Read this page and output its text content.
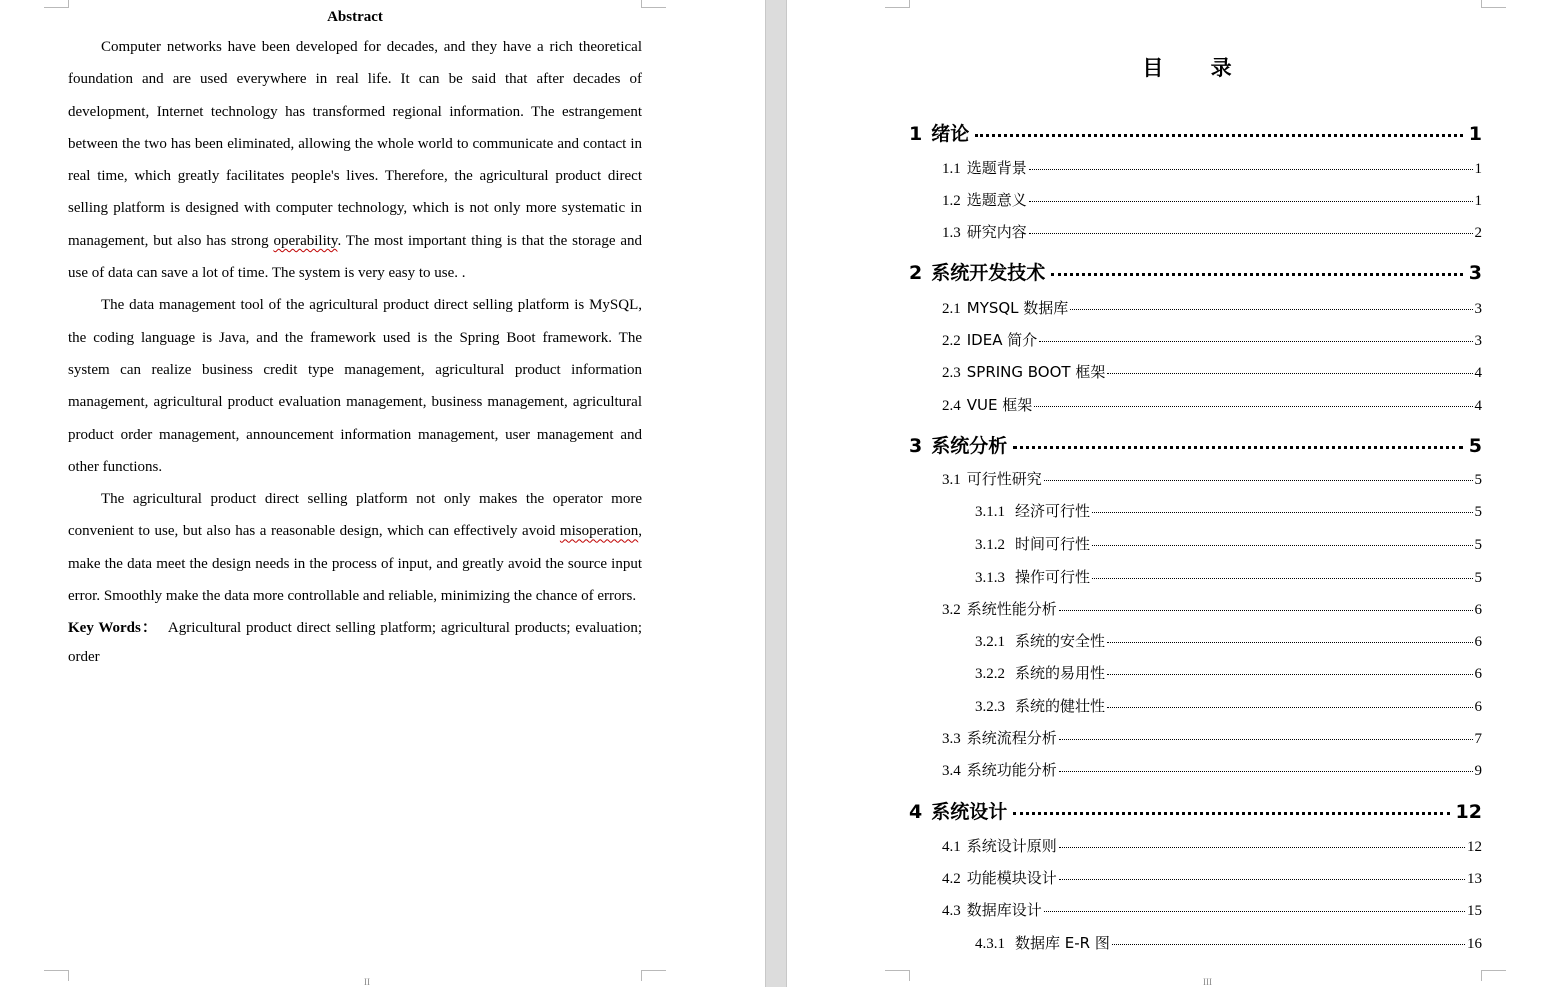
Abstract

Computer networks have been developed for decades, and they have a rich theoretical foundation and are used everywhere in real life. It can be said that after decades of development, Internet technology has transformed regional information. The estrangement between the two has been eliminated, allowing the whole world to communicate and contact in real time, which greatly facilitates people's lives. Therefore, the agricultural product direct selling platform is designed with computer technology, which is not only more systematic in management, but also has strong operability. The most important thing is that the storage and use of data can save a lot of time. The system is very easy to use. .

The data management tool of the agricultural product direct selling platform is MySQL, the coding language is Java, and the framework used is the Spring Boot framework. The system can realize business credit type management, agricultural product information management, agricultural product evaluation management, business management, agricultural product order management, announcement information management, user management and other functions.

The agricultural product direct selling platform not only makes the operator more convenient to use, but also has a reasonable design, which can effectively avoid misoperation, make the data meet the design needs in the process of input, and greatly avoid the source input error. Smoothly make the data more controllable and reliable, minimizing the chance of errors.

Key Words： Agricultural product direct selling platform; agricultural products; evaluation; order
II
目 录
1 绪论	1
1.1 选题背景	1
1.2 选题意义	1
1.3 研究内容	2
2 系统开发技术	3
2.1 MYSQL 数据库	3
2.2 IDEA 简介	3
2.3 SPRING BOOT 框架	4
2.4 VUE 框架	4
3 系统分析	5
3.1 可行性研究	5
3.1.1 经济可行性	5
3.1.2 时间可行性	5
3.1.3 操作可行性	5
3.2 系统性能分析	6
3.2.1 系统的安全性	6
3.2.2 系统的易用性	6
3.2.3 系统的健壮性	6
3.3 系统流程分析	7
3.4 系统功能分析	9
4 系统设计	12
4.1 系统设计原则	12
4.2 功能模块设计	13
4.3 数据库设计	15
4.3.1 数据库 E-R 图	16
III
